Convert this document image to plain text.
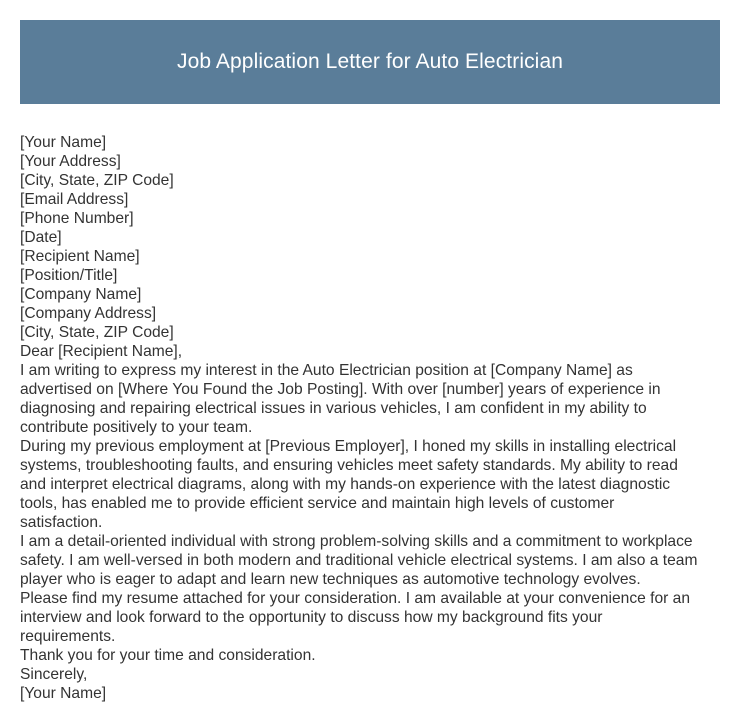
Job Application Letter for Auto Electrician
[Your Name]
[Your Address]
[City, State, ZIP Code]
[Email Address]
[Phone Number]
[Date]
[Recipient Name]
[Position/Title]
[Company Name]
[Company Address]
[City, State, ZIP Code]
Dear [Recipient Name],
I am writing to express my interest in the Auto Electrician position at [Company Name] as
advertised on [Where You Found the Job Posting]. With over [number] years of experience in
diagnosing and repairing electrical issues in various vehicles, I am confident in my ability to
contribute positively to your team.
During my previous employment at [Previous Employer], I honed my skills in installing electrical
systems, troubleshooting faults, and ensuring vehicles meet safety standards. My ability to read
and interpret electrical diagrams, along with my hands-on experience with the latest diagnostic
tools, has enabled me to provide efficient service and maintain high levels of customer
satisfaction.
I am a detail-oriented individual with strong problem-solving skills and a commitment to workplace
safety. I am well-versed in both modern and traditional vehicle electrical systems. I am also a team
player who is eager to adapt and learn new techniques as automotive technology evolves.
Please find my resume attached for your consideration. I am available at your convenience for an
interview and look forward to the opportunity to discuss how my background fits your
requirements.
Thank you for your time and consideration.
Sincerely,
[Your Name]
